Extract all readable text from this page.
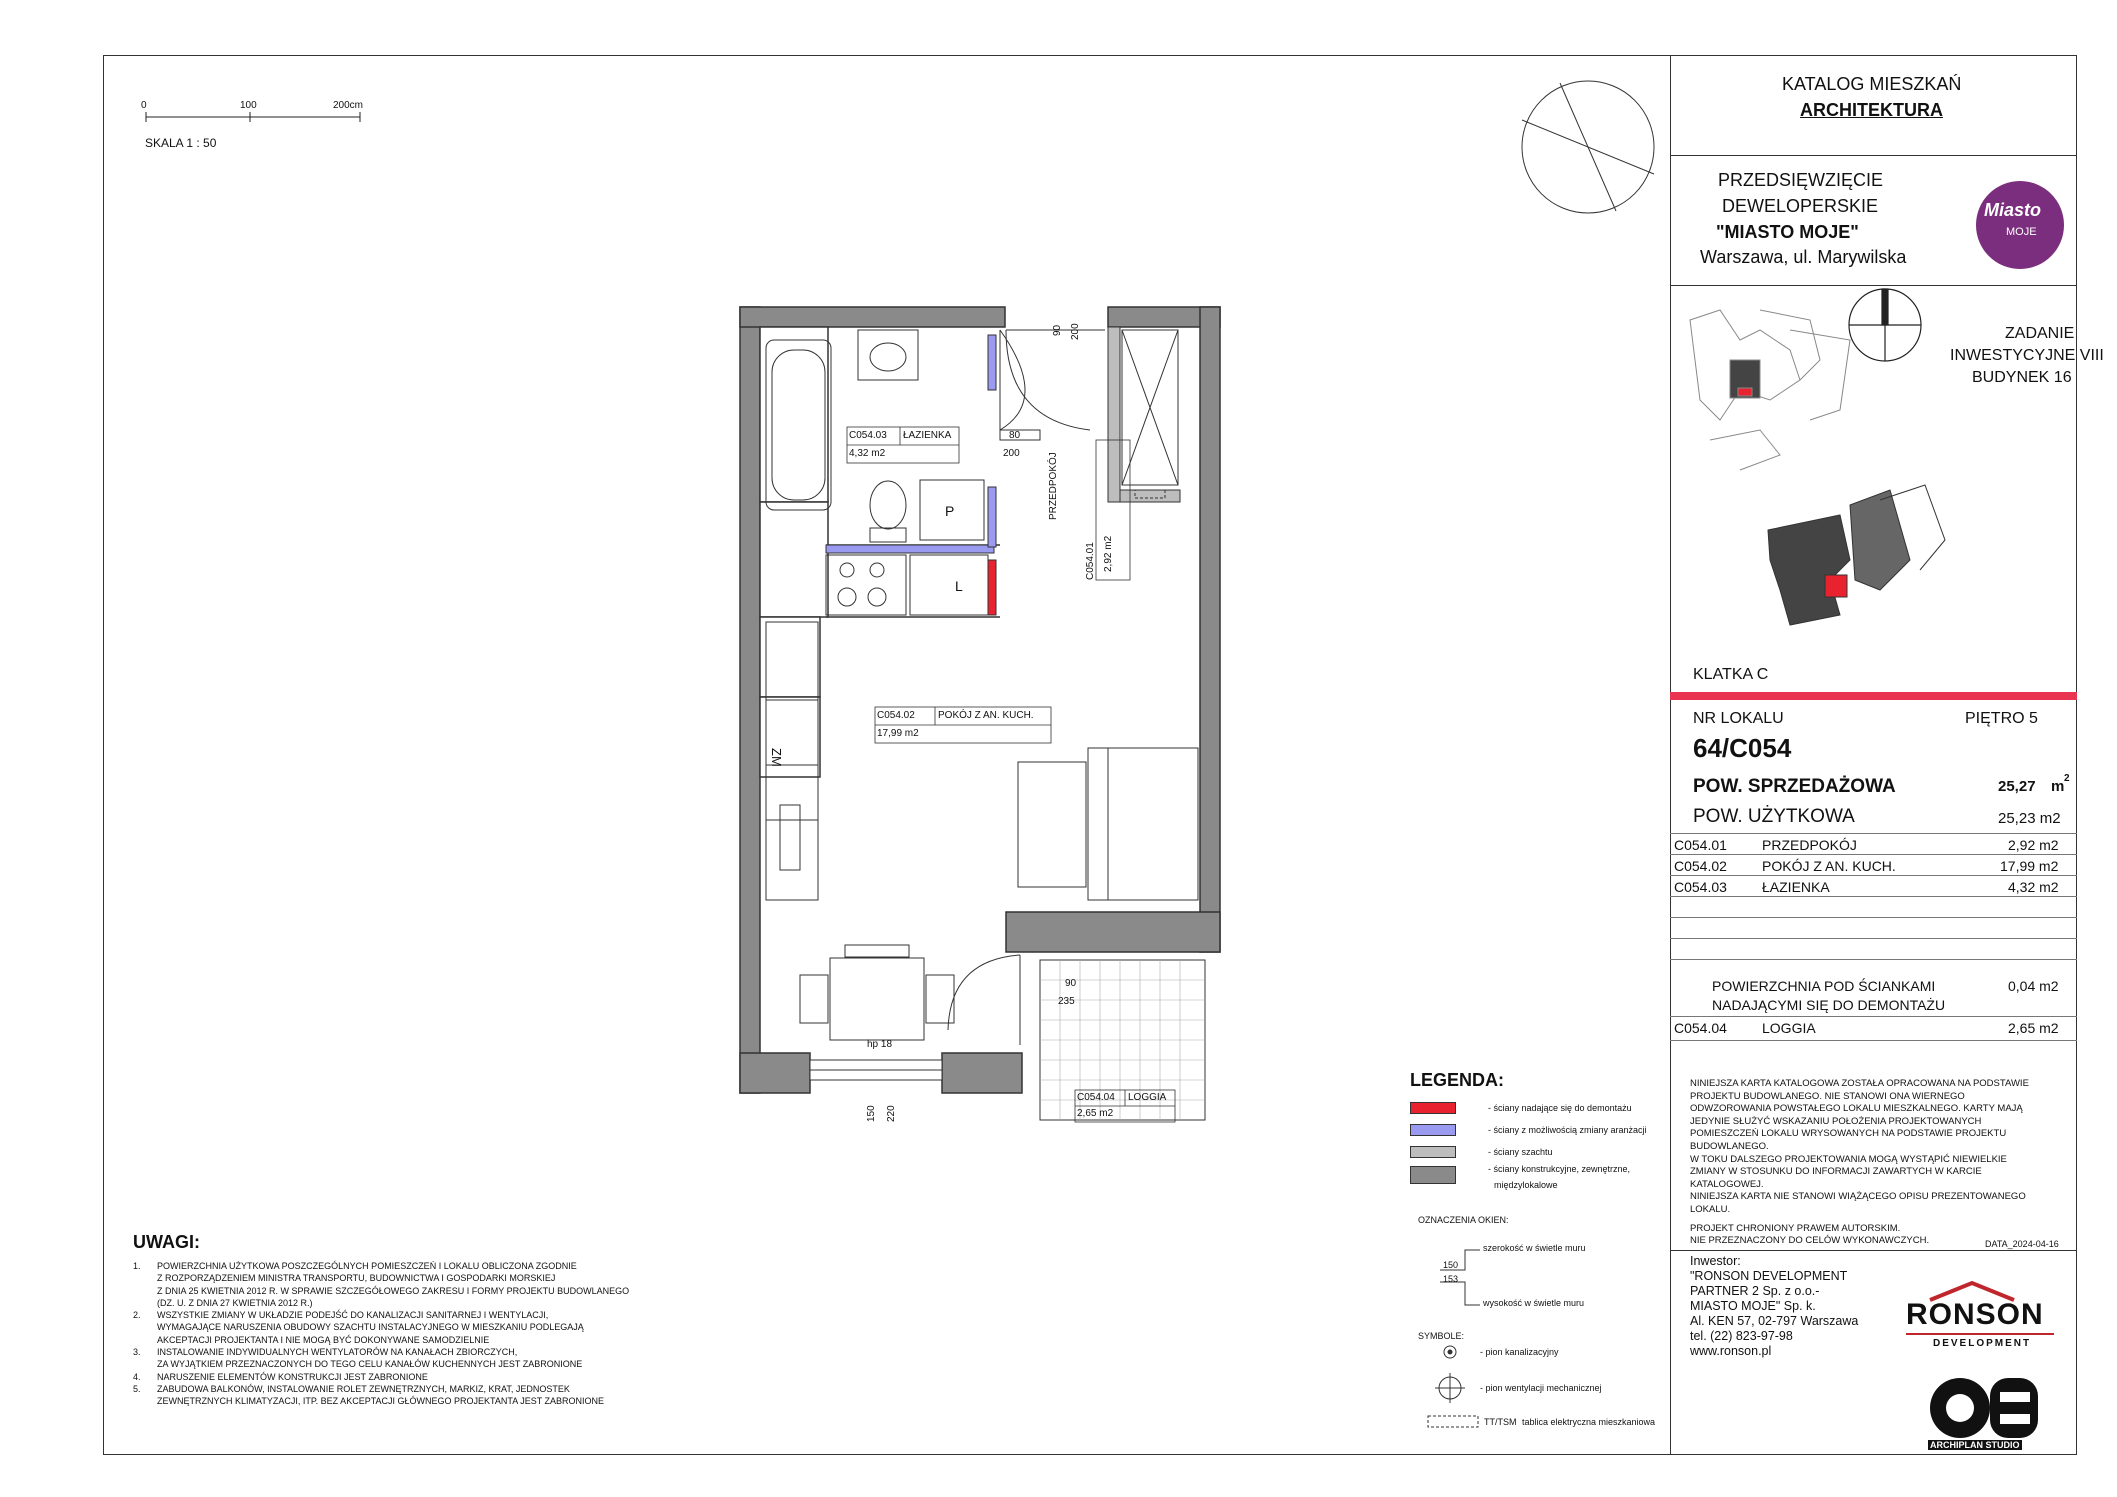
0	100	200cm
SKALA 1 : 50
C054.03 ŁAZIENKA
4,32 m2
C054.02 POKÓJ Z AN. KUCH.
17,99 m2
C054.04 LOGGIA
2,65 m2
PRZEDPOKÓJ
C054.01 2,92 m2
90 200
80
200
90
235
hp 18
150 220
P
L
ZM
KATALOG MIESZKAŃ
ARCHITEKTURA
PRZEDSIĘWZIĘCIE
DEWELOPERSKIE
"MIASTO MOJE"
Warszawa, ul. Marywilska
Miasto
MOJE
ZADANIE
INWESTYCYJNE VIII
BUDYNEK 16
KLATKA C
NR LOKALU	PIĘTRO 5
64/C054
POW. SPRZEDAŻOWA	25,27 m 2
POW. UŻYTKOWA	25,23 m2
C054.01	PRZEDPOKÓJ	2,92 m2
C054.02	POKÓJ Z AN. KUCH.	17,99 m2
C054.03	ŁAZIENKA	4,32 m2
POWIERZCHNIA POD ŚCIANKAMI
NADAJĄCYMI SIĘ DO DEMONTAŻU
0,04 m2
C054.04	LOGGIA	2,65 m2
NINIEJSZA KARTA KATALOGOWA ZOSTAŁA OPRACOWANA NA PODSTAWIE
PROJEKTU BUDOWLANEGO. NIE STANOWI ONA WIERNEGO
ODWZOROWANIA POWSTAŁEGO LOKALU MIESZKALNEGO. KARTY MAJĄ
JEDYNIE SŁUŻYĆ WSKAZANIU POŁOŻENIA PROJEKTOWANYCH
POMIESZCZEŃ LOKALU WRYSOWANYCH NA PODSTAWIE PROJEKTU
BUDOWLANEGO.
W TOKU DALSZEGO PROJEKTOWANIA MOGĄ WYSTĄPIĆ NIEWIELKIE
ZMIANY W STOSUNKU DO INFORMACJI ZAWARTYCH W KARCIE
KATALOGOWEJ.
NINIEJSZA KARTA NIE STANOWI WIĄŻĄCEGO OPISU PREZENTOWANEGO
LOKALU.
PROJEKT CHRONIONY PRAWEM AUTORSKIM.
NIE PRZEZNACZONY DO CELÓW WYKONAWCZYCH.	DATA_2024-04-16
Inwestor:
"RONSON DEVELOPMENT
PARTNER 2 Sp. z o.o.-
MIASTO MOJE" Sp. k.
Al. KEN 57, 02-797 Warszawa
tel. (22) 823-97-98
www.ronson.pl
RONSON
DEVELOPMENT
ARCHIPLAN STUDIO
LEGENDA:
- ściany nadające się do demontażu
- ściany z możliwością zmiany aranżacji
- ściany szachtu
- ściany konstrukcyjne, zewnętrzne,
międzylokalowe
OZNACZENIA OKIEN:
szerokość w świetle muru
150
153
wysokość w świetle muru
SYMBOLE:
- pion kanalizacyjny
- pion wentylacji mechanicznej
TT/TSM tablica elektryczna mieszkaniowa
UWAGI:
1.	POWIERZCHNIA UŻYTKOWA POSZCZEGÓLNYCH POMIESZCZEŃ I LOKALU OBLICZONA ZGODNIE
Z ROZPORZĄDZENIEM MINISTRA TRANSPORTU, BUDOWNICTWA I GOSPODARKI MORSKIEJ
Z DNIA 25 KWIETNIA 2012 R. W SPRAWIE SZCZEGÓŁOWEGO ZAKRESU I FORMY PROJEKTU BUDOWLANEGO
(DZ. U. Z DNIA 27 KWIETNIA 2012 R.)
2.	WSZYSTKIE ZMIANY W UKŁADZIE PODEJŚĆ DO KANALIZACJI SANITARNEJ I WENTYLACJI,
WYMAGAJĄCE NARUSZENIA OBUDOWY SZACHTU INSTALACYJNEGO W MIESZKANIU PODLEGAJĄ
AKCEPTACJI PROJEKTANTA I NIE MOGĄ BYĆ DOKONYWANE SAMODZIELNIE
3.	INSTALOWANIE INDYWIDUALNYCH WENTYLATORÓW NA KANAŁACH ZBIORCZYCH,
ZA WYJĄTKIEM PRZEZNACZONYCH DO TEGO CELU KANAŁÓW KUCHENNYCH JEST ZABRONIONE
4.	NARUSZENIE ELEMENTÓW KONSTRUKCJI JEST ZABRONIONE
5.	ZABUDOWA BALKONÓW, INSTALOWANIE ROLET ZEWNĘTRZNYCH, MARKIZ, KRAT, JEDNOSTEK
ZEWNĘTRZNYCH KLIMATYZACJI, ITP. BEZ AKCEPTACJI GŁÓWNEGO PROJEKTANTA JEST ZABRONIONE
